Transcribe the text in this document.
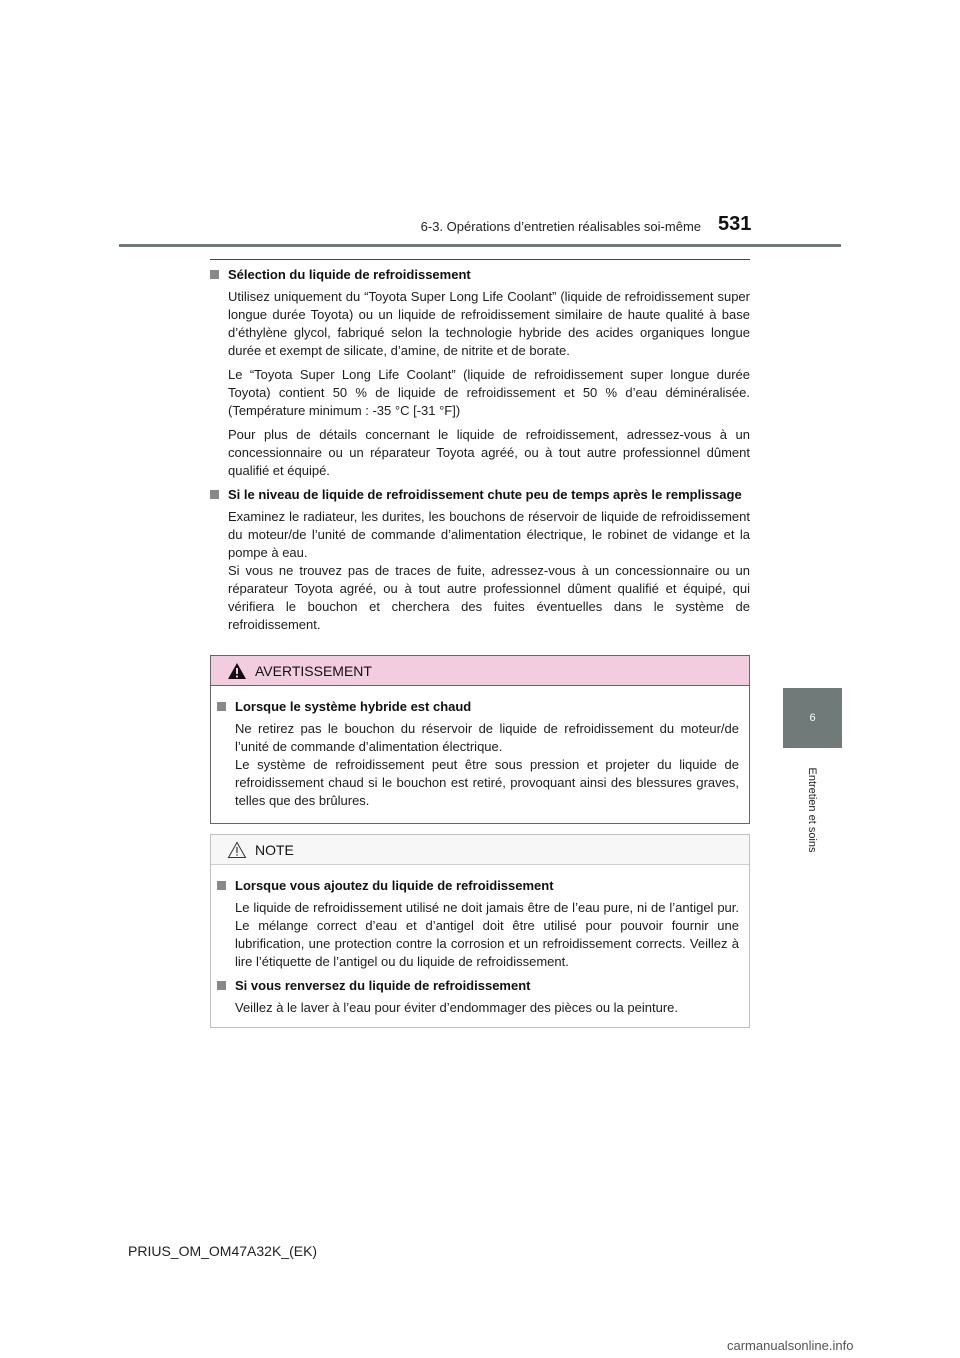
6-3. Opérations d’entretien réalisables soi-même 531
6
Entretien et soins
Sélection du liquide de refroidissement

Utilisez uniquement du “Toyota Super Long Life Coolant” (liquide de refroidissement super longue durée Toyota) ou un liquide de refroidissement similaire de haute qualité à base d’éthylène glycol, fabriqué selon la technologie hybride des acides organiques longue durée et exempt de silicate, d’amine, de nitrite et de borate.

Le “Toyota Super Long Life Coolant” (liquide de refroidissement super longue durée Toyota) contient 50 % de liquide de refroidissement et 50 % d’eau déminéralisée. (Température minimum : -35 °C [-31 °F])

Pour plus de détails concernant le liquide de refroidissement, adressez-vous à un concessionnaire ou un réparateur Toyota agréé, ou à tout autre professionnel dûment qualifié et équipé.

Si le niveau de liquide de refroidissement chute peu de temps après le remplissage

Examinez le radiateur, les durites, les bouchons de réservoir de liquide de refroidissement du moteur/de l’unité de commande d’alimentation électrique, le robinet de vidange et la pompe à eau.

Si vous ne trouvez pas de traces de fuite, adressez-vous à un concessionnaire ou un réparateur Toyota agréé, ou à tout autre professionnel dûment qualifié et équipé, qui vérifiera le bouchon et cherchera des fuites éventuelles dans le système de refroidissement.

AVERTISSEMENT
Lorsque le système hybride est chaud

Ne retirez pas le bouchon du réservoir de liquide de refroidissement du moteur/de l’unité de commande d’alimentation électrique.

Le système de refroidissement peut être sous pression et projeter du liquide de refroidissement chaud si le bouchon est retiré, provoquant ainsi des blessures graves, telles que des brûlures.

NOTE
Lorsque vous ajoutez du liquide de refroidissement

Le liquide de refroidissement utilisé ne doit jamais être de l’eau pure, ni de l’antigel pur. Le mélange correct d’eau et d’antigel doit être utilisé pour pouvoir fournir une lubrification, une protection contre la corrosion et un refroidissement corrects. Veillez à lire l’étiquette de l’antigel ou du liquide de refroidissement.

Si vous renversez du liquide de refroidissement

Veillez à le laver à l’eau pour éviter d’endommager des pièces ou la peinture.

PRIUS_OM_OM47A32K_(EK)
carmanualsonline.info
